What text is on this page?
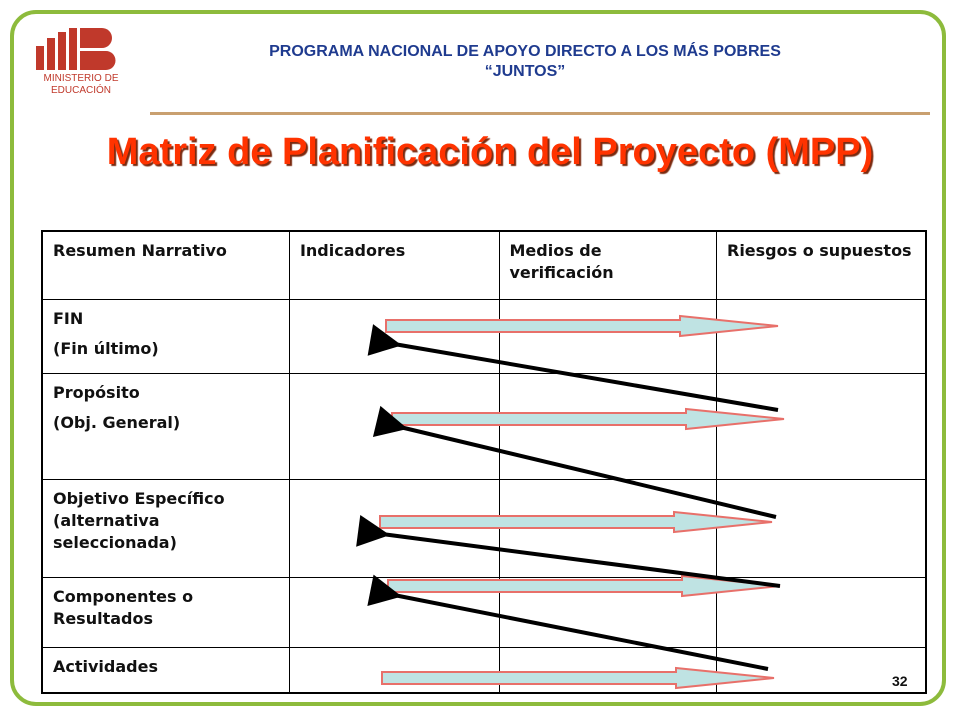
MINISTERIO DE EDUCACIÓN
PROGRAMA NACIONAL DE APOYO DIRECTO A LOS MÁS POBRES
“JUNTOS”
Matriz de Planificación del Proyecto (MPP)
Resumen Narrativo	Indicadores	Medios de verificación	Riesgos o supuestos

FIN
(Fin último)			

Propósito
(Obj. General)			

Objetivo Específico (alternativa seleccionada)			

Componentes o Resultados			

Actividades			

32
